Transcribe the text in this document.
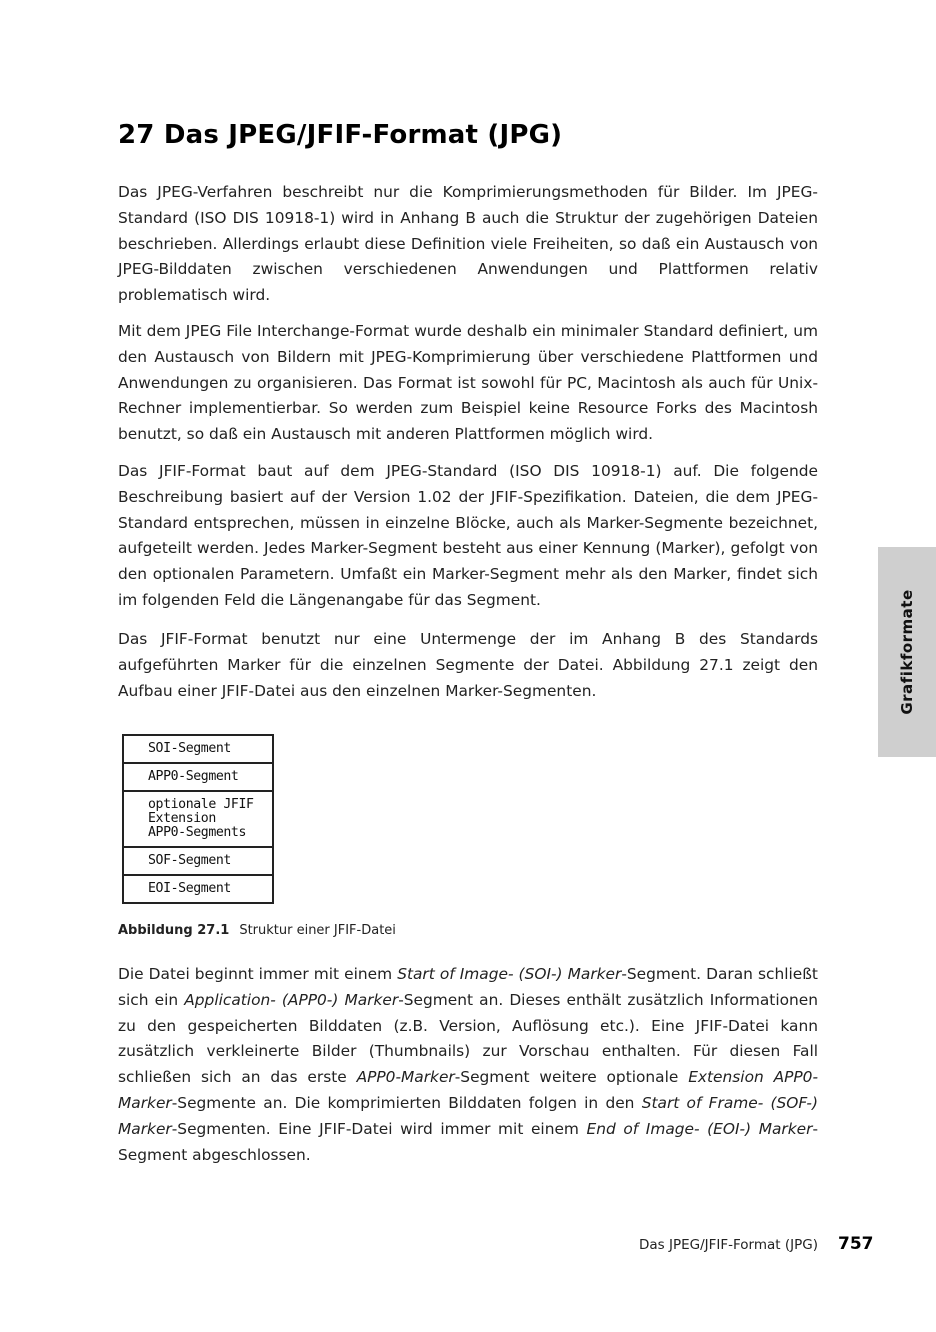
27 Das JPEG/JFIF-Format (JPG)

Das JPEG-Verfahren beschreibt nur die Komprimierungsmethoden für Bilder. Im JPEG-Standard (ISO DIS 10918-1) wird in Anhang B auch die Struktur der zugehörigen Dateien beschrieben. Allerdings erlaubt diese Definition viele Freiheiten, so daß ein Austausch von JPEG-Bilddaten zwischen verschiedenen Anwendungen und Plattformen relativ problematisch wird.

Mit dem JPEG File Interchange-Format wurde deshalb ein minimaler Standard definiert, um den Austausch von Bildern mit JPEG-Komprimierung über verschiedene Plattformen und Anwendungen zu organisieren. Das Format ist sowohl für PC, Macintosh als auch für Unix-Rechner implementierbar. So werden zum Beispiel keine Resource Forks des Macintosh benutzt, so daß ein Austausch mit anderen Plattformen möglich wird.

Das JFIF-Format baut auf dem JPEG-Standard (ISO DIS 10918-1) auf. Die folgende Beschreibung basiert auf der Version 1.02 der JFIF-Spezifikation. Dateien, die dem JPEG-Standard entsprechen, müssen in einzelne Blöcke, auch als Marker-Segmente bezeichnet, aufgeteilt werden. Jedes Marker-Segment besteht aus einer Kennung (Marker), gefolgt von den optionalen Parametern. Umfaßt ein Marker-Segment mehr als den Marker, findet sich im folgenden Feld die Längenangabe für das Segment.

Das JFIF-Format benutzt nur eine Untermenge der im Anhang B des Standards aufgeführten Marker für die einzelnen Segmente der Datei. Abbildung 27.1 zeigt den Aufbau einer JFIF-Datei aus den einzelnen Marker-Segmenten.

SOI-Segment
APP0-Segment
optionale JFIF
Extension
APP0-Segments
SOF-Segment
EOI-Segment

Abbildung 27.1 Struktur einer JFIF-Datei

Die Datei beginnt immer mit einem Start of Image- (SOI-) Marker-Segment. Daran schließt sich ein Application- (APP0-) Marker-Segment an. Dieses enthält zusätzlich Informationen zu den gespeicherten Bilddaten (z.B. Version, Auflösung etc.). Eine JFIF-Datei kann zusätzlich verkleinerte Bilder (Thumbnails) zur Vorschau enthalten. Für diesen Fall schließen sich an das erste APP0-Marker-Segment weitere optionale Extension APP0-Marker-Segmente an. Die komprimierten Bilddaten folgen in den Start of Frame- (SOF-) Marker-Segmenten. Eine JFIF-Datei wird immer mit einem End of Image- (EOI-) Marker-Segment abgeschlossen.

Grafikformate

Das JPEG/JFIF-Format (JPG) 757
